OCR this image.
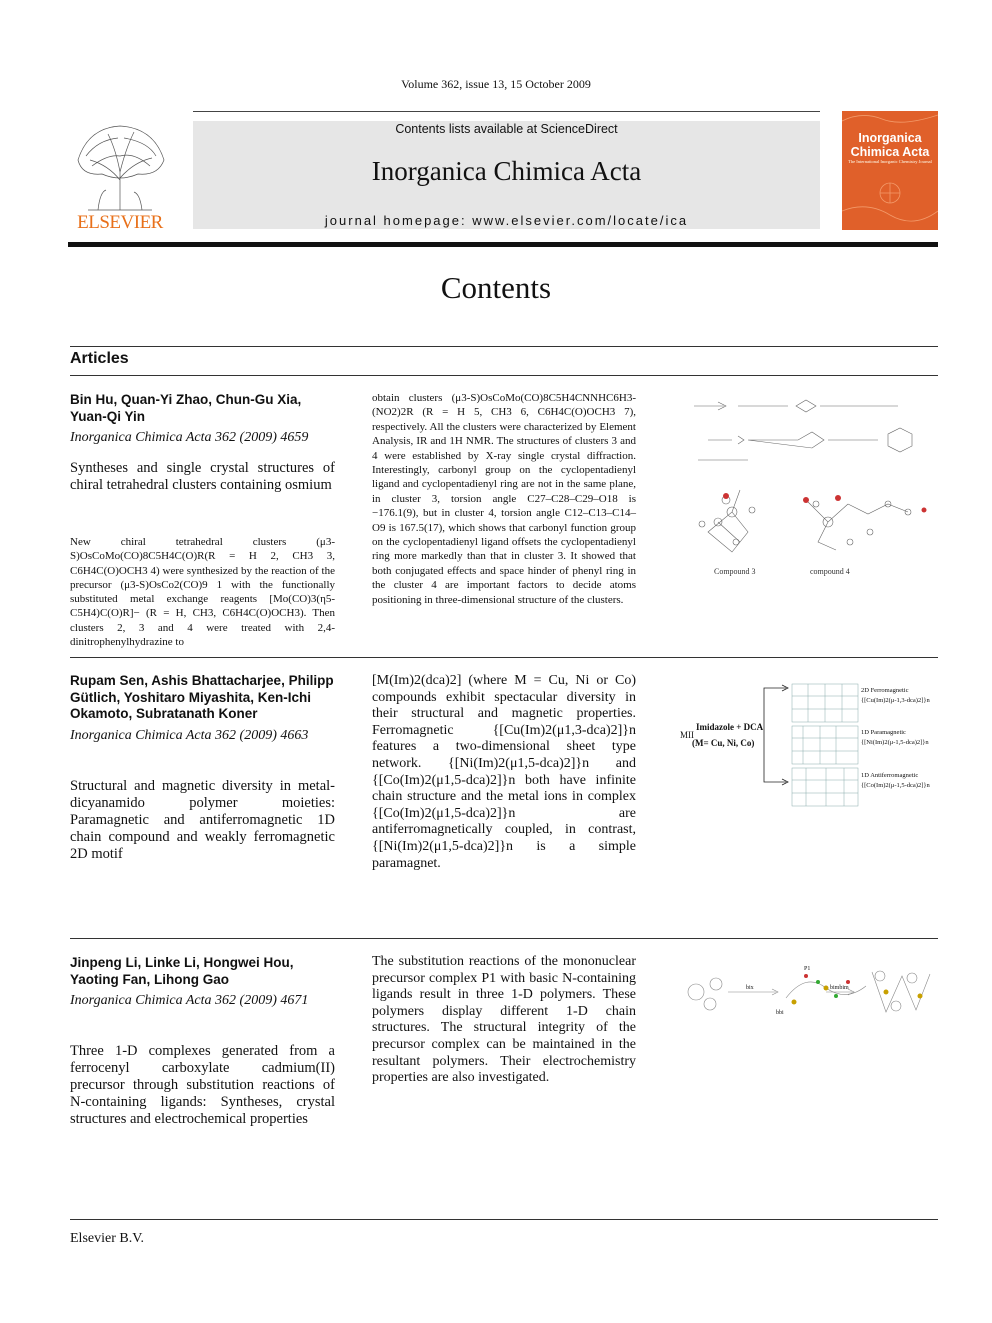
Volume 362, issue 13, 15 October 2009
ELSEVIER
Contents lists available at ScienceDirect
Inorganica Chimica Acta
journal homepage: www.elsevier.com/locate/ica
Inorganica
Chimica Acta
The International Inorganic Chemistry Journal
Contents
Articles
Bin Hu, Quan-Yi Zhao, Chun-Gu Xia, Yuan-Qi Yin
Inorganica Chimica Acta 362 (2009) 4659
Syntheses and single crystal structures of chiral tetrahedral clusters containing osmium
New chiral tetrahedral clusters (μ3-S)OsCoMo(CO)8C5H4C(O)R(R = H 2, CH3 3, C6H4C(O)OCH3 4) were synthesized by the reaction of the precursor (μ3-S)OsCo2(CO)9 1 with the functionally substituted metal exchange reagents [Mo(CO)3(η5-C5H4)C(O)R]− (R = H, CH3, C6H4C(O)OCH3). Then clusters 2, 3 and 4 were treated with 2,4-dinitrophenylhydrazine to
obtain clusters (μ3-S)OsCoMo(CO)8C5H4CNNHC6H3-(NO2)2R (R = H 5, CH3 6, C6H4C(O)OCH3 7), respectively. All the clusters were characterized by Element Analysis, IR and 1H NMR. The structures of clusters 3 and 4 were established by X-ray single crystal diffraction. Interestingly, carbonyl group on the cyclopentadienyl ligand and cyclopentadienyl ring are not in the same plane, in cluster 3, torsion angle C27–C28–C29–O18 is −176.1(9), but in cluster 4, torsion angle C12–C13–C14–O9 is 167.5(17), which shows that carbonyl function group on the cyclopentadienyl ligand offsets the cyclopentadienyl ring more markedly than that in cluster 3. It showed that both conjugated effects and space hinder of phenyl ring in the cluster 4 are important factors to decide atoms positioning in three-dimensional structure of the clusters.
Compound 3	compound 4
Rupam Sen, Ashis Bhattacharjee, Philipp Gütlich, Yoshitaro Miyashita, Ken-Ichi Okamoto, Subratanath Koner
Inorganica Chimica Acta 362 (2009) 4663
Structural and magnetic diversity in metal-dicyanamido polymer moieties: Paramagnetic and antiferromagnetic 1D chain compound and weakly ferromagnetic 2D motif
[M(Im)2(dca)2] (where M = Cu, Ni or Co) compounds exhibit spectacular diversity in their structural and magnetic properties. Ferromagnetic {[Cu(Im)2(μ1,3-dca)2]}n features a two-dimensional sheet type network. {[Ni(Im)2(μ1,5-dca)2]}n and {[Co(Im)2(μ1,5-dca)2]}n both have infinite chain structure and the metal ions in complex {[Co(Im)2(μ1,5-dca)2]}n are antiferromagnetically coupled, in contrast, {[Ni(Im)2(μ1,5-dca)2]}n is a simple paramagnet.
MII
Imidazole + DCA
(M= Cu, Ni, Co)
2D Ferromagnetic
{[Cu(Im)2(μ-1,3-dca)2]}n
1D Paramagnetic
{[Ni(Im)2(μ-1,5-dca)2]}n
1D Antiferromagnetic
{[Co(Im)2(μ-1,5-dca)2]}n
Jinpeng Li, Linke Li, Hongwei Hou, Yaoting Fan, Lihong Gao
Inorganica Chimica Acta 362 (2009) 4671
Three 1-D complexes generated from a ferrocenyl carboxylate cadmium(II) precursor through substitution reactions of N-containing ligands: Syntheses, crystal structures and electrochemical properties
The substitution reactions of the mononuclear precursor complex P1 with basic N-containing ligands result in three 1-D polymers. These polymers display different 1-D chain structures. The structural integrity of the precursor complex can be maintained in the resultant polymers. Their electrochemistry properties are also investigated.
P1
bix
bbi
bimbim
Elsevier B.V.
